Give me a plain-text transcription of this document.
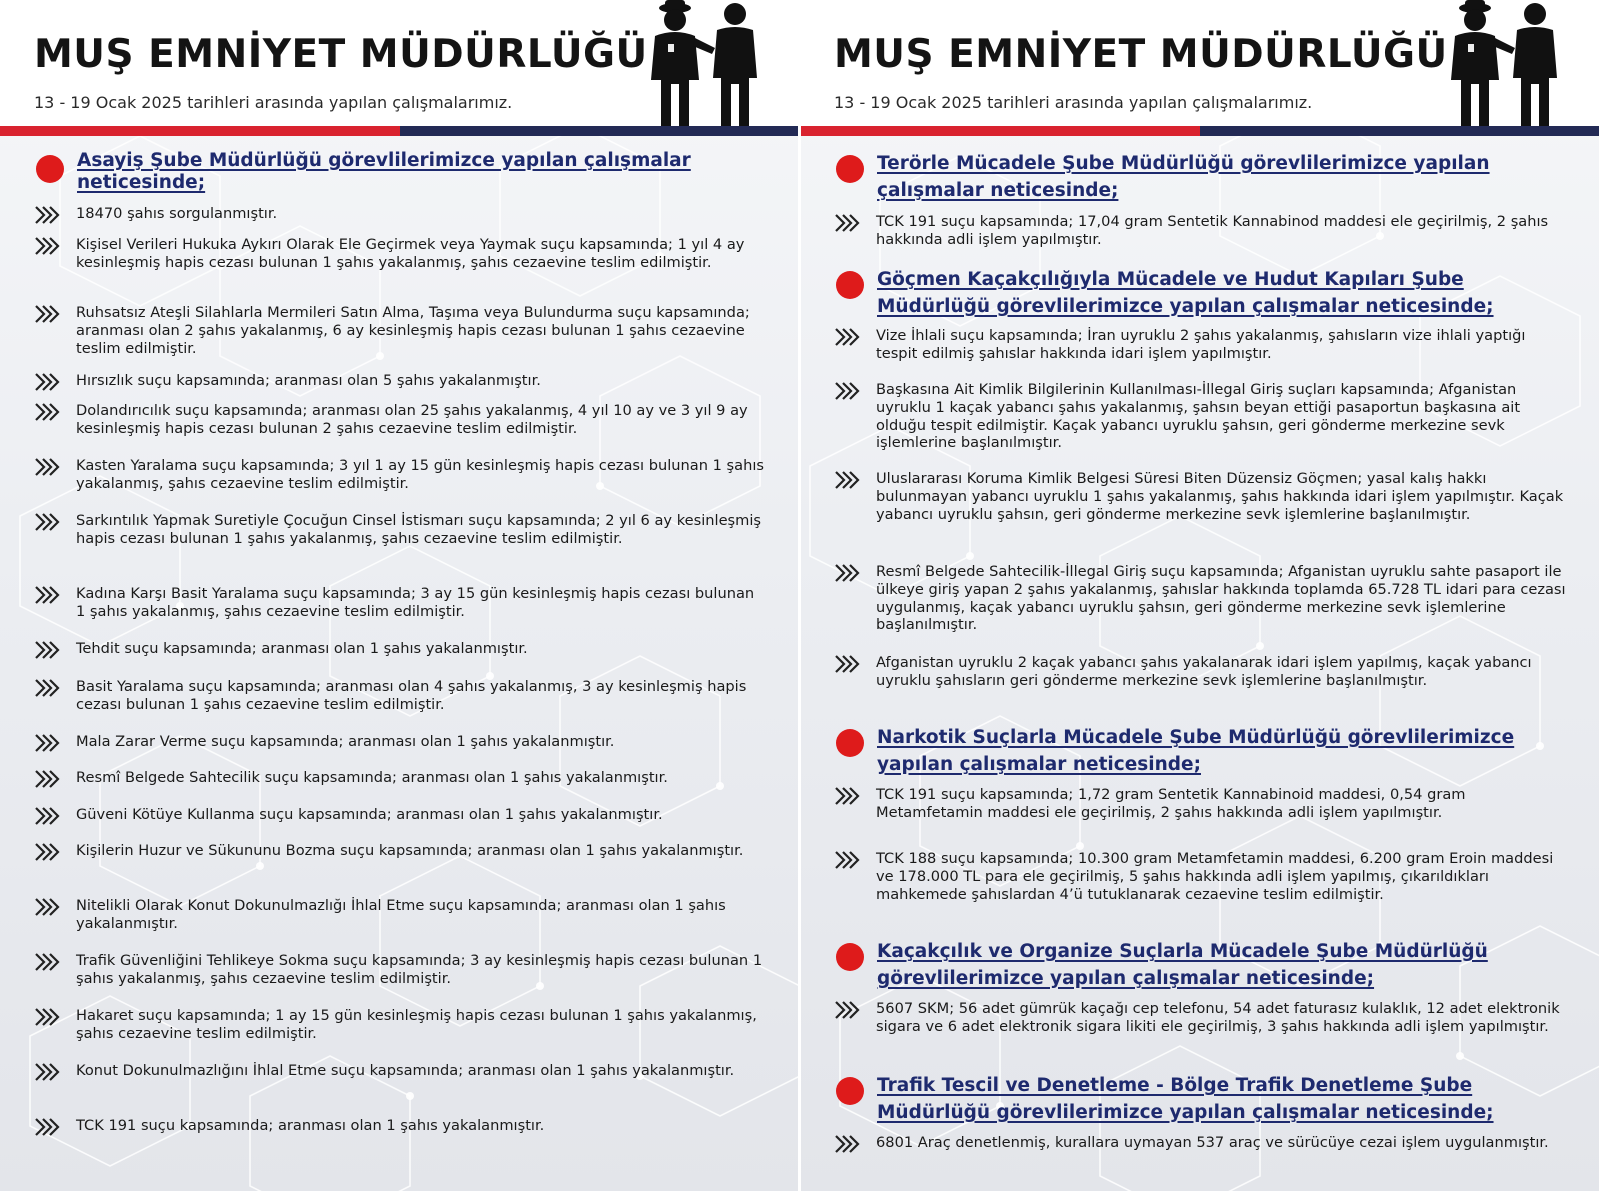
MUŞ EMNİYET MÜDÜRLÜĞÜ
13 - 19 Ocak 2025 tarihleri arasında yapılan çalışmalarımız.
Asayiş Şube Müdürlüğü görevlilerimizce yapılan çalışmalar neticesinde;
18470 şahıs sorgulanmıştır.
Kişisel Verileri Hukuka Aykırı Olarak Ele Geçirmek veya Yaymak suçu kapsamında; 1 yıl 4 ay kesinleşmiş hapis cezası bulunan 1 şahıs yakalanmış, şahıs cezaevine teslim edilmiştir.
Ruhsatsız Ateşli Silahlarla Mermileri Satın Alma, Taşıma veya Bulundurma suçu kapsamında; aranması olan 2 şahıs yakalanmış, 6 ay kesinleşmiş hapis cezası bulunan 1 şahıs cezaevine teslim edilmiştir.
Hırsızlık suçu kapsamında; aranması olan 5 şahıs yakalanmıştır.
Dolandırıcılık suçu kapsamında; aranması olan 25 şahıs yakalanmış, 4 yıl 10 ay ve 3 yıl 9 ay kesinleşmiş hapis cezası bulunan 2 şahıs cezaevine teslim edilmiştir.
Kasten Yaralama suçu kapsamında; 3 yıl 1 ay 15 gün kesinleşmiş hapis cezası bulunan 1 şahıs yakalanmış, şahıs cezaevine teslim edilmiştir.
Sarkıntılık Yapmak Suretiyle Çocuğun Cinsel İstismarı suçu kapsamında; 2 yıl 6 ay kesinleşmiş hapis cezası bulunan 1 şahıs yakalanmış, şahıs cezaevine teslim edilmiştir.
Kadına Karşı Basit Yaralama suçu kapsamında; 3 ay 15 gün kesinleşmiş hapis cezası bulunan 1 şahıs yakalanmış, şahıs cezaevine teslim edilmiştir.
Tehdit suçu kapsamında; aranması olan 1 şahıs yakalanmıştır.
Basit Yaralama suçu kapsamında; aranması olan 4 şahıs yakalanmış, 3 ay kesinleşmiş hapis cezası bulunan 1 şahıs cezaevine teslim edilmiştir.
Mala Zarar Verme suçu kapsamında; aranması olan 1 şahıs yakalanmıştır.
Resmî Belgede Sahtecilik suçu kapsamında; aranması olan 1 şahıs yakalanmıştır.
Güveni Kötüye Kullanma suçu kapsamında; aranması olan 1 şahıs yakalanmıştır.
Kişilerin Huzur ve Sükununu Bozma suçu kapsamında; aranması olan 1 şahıs yakalanmıştır.
Nitelikli Olarak Konut Dokunulmazlığı İhlal Etme suçu kapsamında; aranması olan 1 şahıs yakalanmıştır.
Trafik Güvenliğini Tehlikeye Sokma suçu kapsamında; 3 ay kesinleşmiş hapis cezası bulunan 1 şahıs yakalanmış, şahıs cezaevine teslim edilmiştir.
Hakaret suçu kapsamında; 1 ay 15 gün kesinleşmiş hapis cezası bulunan 1 şahıs yakalanmış, şahıs cezaevine teslim edilmiştir.
Konut Dokunulmazlığını İhlal Etme suçu kapsamında; aranması olan 1 şahıs yakalanmıştır.
TCK 191 suçu kapsamında; aranması olan 1 şahıs yakalanmıştır.
MUŞ EMNİYET MÜDÜRLÜĞÜ
13 - 19 Ocak 2025 tarihleri arasında yapılan çalışmalarımız.
Terörle Mücadele Şube Müdürlüğü görevlilerimizce yapılan çalışmalar neticesinde;
TCK 191 suçu kapsamında; 17,04 gram Sentetik Kannabinod maddesi ele geçirilmiş, 2 şahıs hakkında adli işlem yapılmıştır.
Göçmen Kaçakçılığıyla Mücadele ve Hudut Kapıları Şube Müdürlüğü görevlilerimizce yapılan çalışmalar neticesinde;
Vize İhlali suçu kapsamında; İran uyruklu 2 şahıs yakalanmış, şahısların vize ihlali yaptığı tespit edilmiş şahıslar hakkında idari işlem yapılmıştır.
Başkasına Ait Kimlik Bilgilerinin Kullanılması-İllegal Giriş suçları kapsamında; Afganistan uyruklu 1 kaçak yabancı şahıs yakalanmış, şahsın beyan ettiği pasaportun başkasına ait olduğu tespit edilmiştir. Kaçak yabancı uyruklu şahsın, geri gönderme merkezine sevk işlemlerine başlanılmıştır.
Uluslararası Koruma Kimlik Belgesi Süresi Biten Düzensiz Göçmen; yasal kalış hakkı bulunmayan yabancı uyruklu 1 şahıs yakalanmış, şahıs hakkında idari işlem yapılmıştır. Kaçak yabancı uyruklu şahsın, geri gönderme merkezine sevk işlemlerine başlanılmıştır.
Resmî Belgede Sahtecilik-İllegal Giriş suçu kapsamında; Afganistan uyruklu sahte pasaport ile ülkeye giriş yapan 2 şahıs yakalanmış, şahıslar hakkında toplamda 65.728 TL idari para cezası uygulanmış, kaçak yabancı uyruklu şahsın, geri gönderme merkezine sevk işlemlerine başlanılmıştır.
Afganistan uyruklu 2 kaçak yabancı şahıs yakalanarak idari işlem yapılmış, kaçak yabancı uyruklu şahısların geri gönderme merkezine sevk işlemlerine başlanılmıştır.
Narkotik Suçlarla Mücadele Şube Müdürlüğü görevlilerimizce yapılan çalışmalar neticesinde;
TCK 191 suçu kapsamında; 1,72 gram Sentetik Kannabinoid maddesi, 0,54 gram Metamfetamin maddesi ele geçirilmiş, 2 şahıs hakkında adli işlem yapılmıştır.
TCK 188 suçu kapsamında; 10.300 gram Metamfetamin maddesi, 6.200 gram Eroin maddesi ve 178.000 TL para ele geçirilmiş, 5 şahıs hakkında adli işlem yapılmış, çıkarıldıkları mahkemede şahıslardan 4’ü tutuklanarak cezaevine teslim edilmiştir.
Kaçakçılık ve Organize Suçlarla Mücadele Şube Müdürlüğü görevlilerimizce yapılan çalışmalar neticesinde;
5607 SKM; 56 adet gümrük kaçağı cep telefonu, 54 adet faturasız kulaklık, 12 adet elektronik sigara ve 6 adet elektronik sigara likiti ele geçirilmiş, 3 şahıs hakkında adli işlem yapılmıştır.
Trafik Tescil ve Denetleme - Bölge Trafik Denetleme Şube Müdürlüğü görevlilerimizce yapılan çalışmalar neticesinde;
6801 Araç denetlenmiş, kurallara uymayan 537 araç ve sürücüye cezai işlem uygulanmıştır.
